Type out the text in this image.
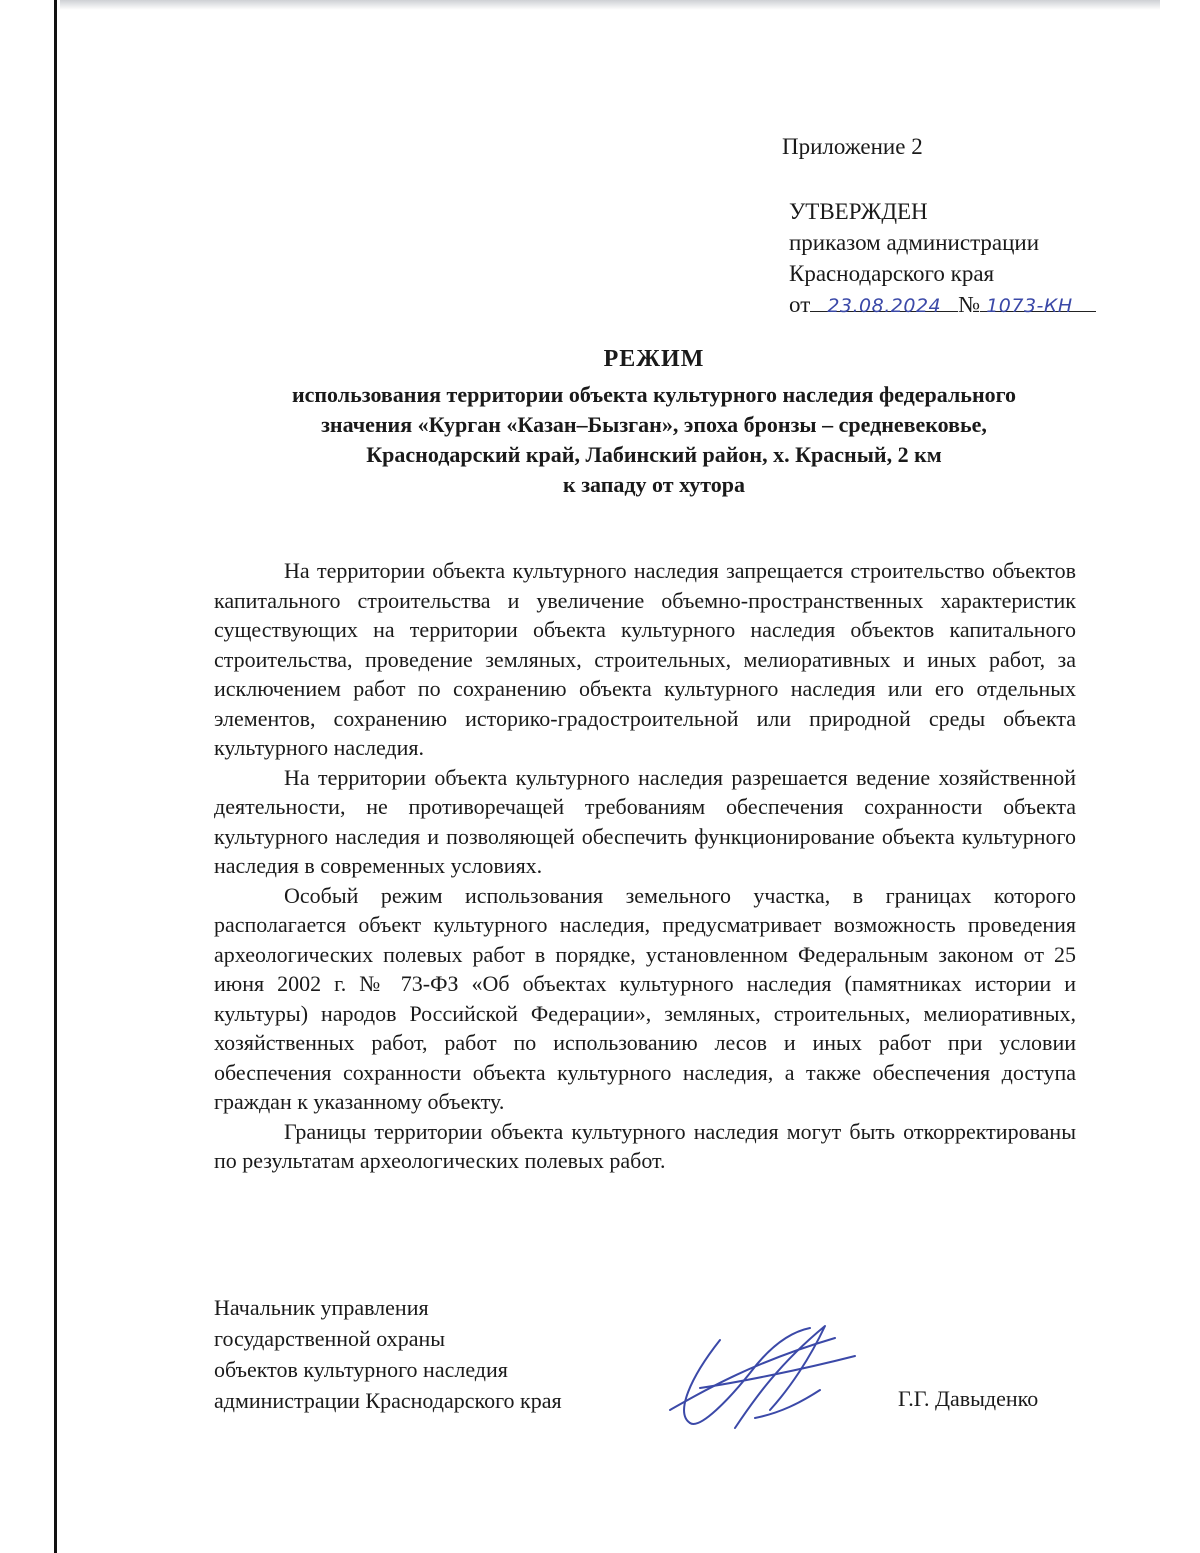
Приложение 2
УТВЕРЖДЕН
приказом администрации
Краснодарского края
от 23.08.2024 № 1073-КН
РЕЖИМ
использования территории объекта культурного наследия федерального
значения «Курган «Казан–Бызган», эпоха бронзы – средневековье,
Краснодарский край, Лабинский район, х. Красный, 2 км
к западу от хутора

На территории объекта культурного наследия запрещается строительство объектов капитального строительства и увеличение объемно-пространственных характеристик существующих на территории объекта культурного наследия объектов капитального строительства, проведение земляных, строительных, мелиоративных и иных работ, за исключением работ по сохранению объекта культурного наследия или его отдельных элементов, сохранению историко-градостроительной или природной среды объекта культурного наследия.

На территории объекта культурного наследия разрешается ведение хозяйственной деятельности, не противоречащей требованиям обеспечения сохранности объекта культурного наследия и позволяющей обеспечить функционирование объекта культурного наследия в современных условиях.

Особый режим использования земельного участка, в границах которого располагается объект культурного наследия, предусматривает возможность проведения археологических полевых работ в порядке, установленном Федеральным законом от 25 июня 2002 г. № 73-ФЗ «Об объектах культурного наследия (памятниках истории и культуры) народов Российской Федерации», земляных, строительных, мелиоративных, хозяйственных работ, работ по использованию лесов и иных работ при условии обеспечения сохранности объекта культурного наследия, а также обеспечения доступа граждан к указанному объекту.

Границы территории объекта культурного наследия могут быть откорректированы по результатам археологических полевых работ.

Начальник управления
государственной охраны
объектов культурного наследия
администрации Краснодарского края	Г.Г. Давыденко
